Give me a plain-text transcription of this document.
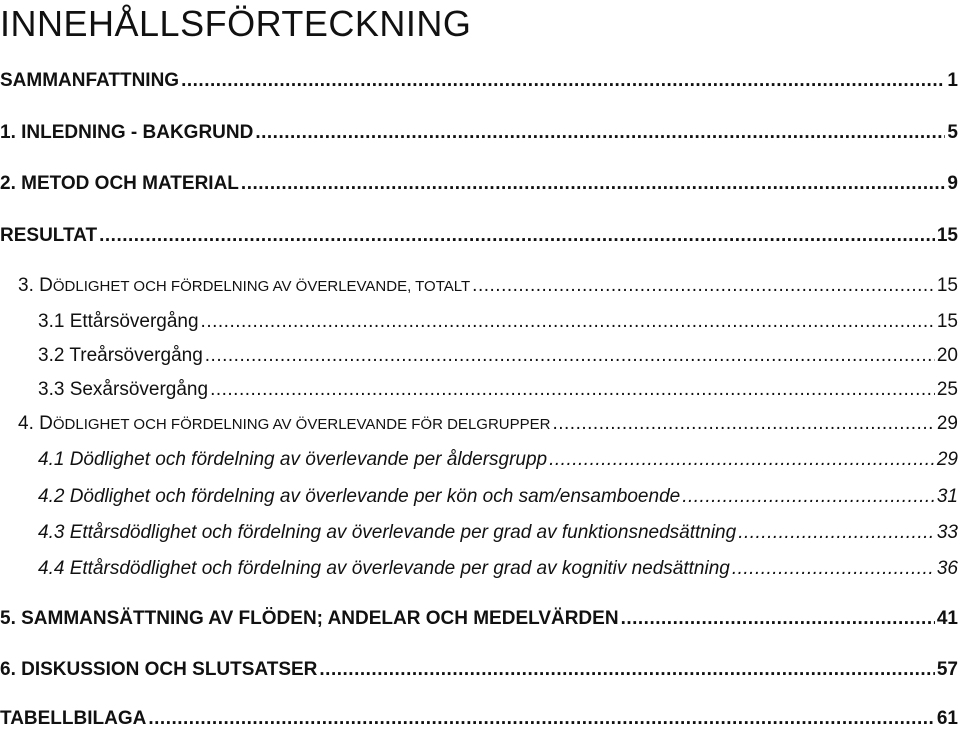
INNEHÅLLSFÖRTECKNING
SAMMANFATTNING .....	1
1. INLEDNING - BAKGRUND .....	5
2. METOD OCH MATERIAL .....	9
RESULTAT .....	15
3. DÖDLIGHET OCH FÖRDELNING AV ÖVERLEVANDE, TOTALT .....	15
3.1 Ettårsövergång .....	15
3.2 Treårsövergång .....	20
3.3 Sexårsövergång .....	25
4. DÖDLIGHET OCH FÖRDELNING AV ÖVERLEVANDE FÖR DELGRUPPER .....	29
4.1 Dödlighet och fördelning av överlevande per åldersgrupp .....	29
4.2 Dödlighet och fördelning av överlevande per kön och sam/ensamboende .....	31
4.3 Ettårsdödlighet och fördelning av överlevande per grad av funktionsnedsättning .....	33
4.4 Ettårsdödlighet och fördelning av överlevande per grad av kognitiv nedsättning .....	36
5. SAMMANSÄTTNING AV FLÖDEN; ANDELAR OCH MEDELVÄRDEN .....	41
6. DISKUSSION OCH SLUTSATSER .....	57
TABELLBILAGA .....	61
